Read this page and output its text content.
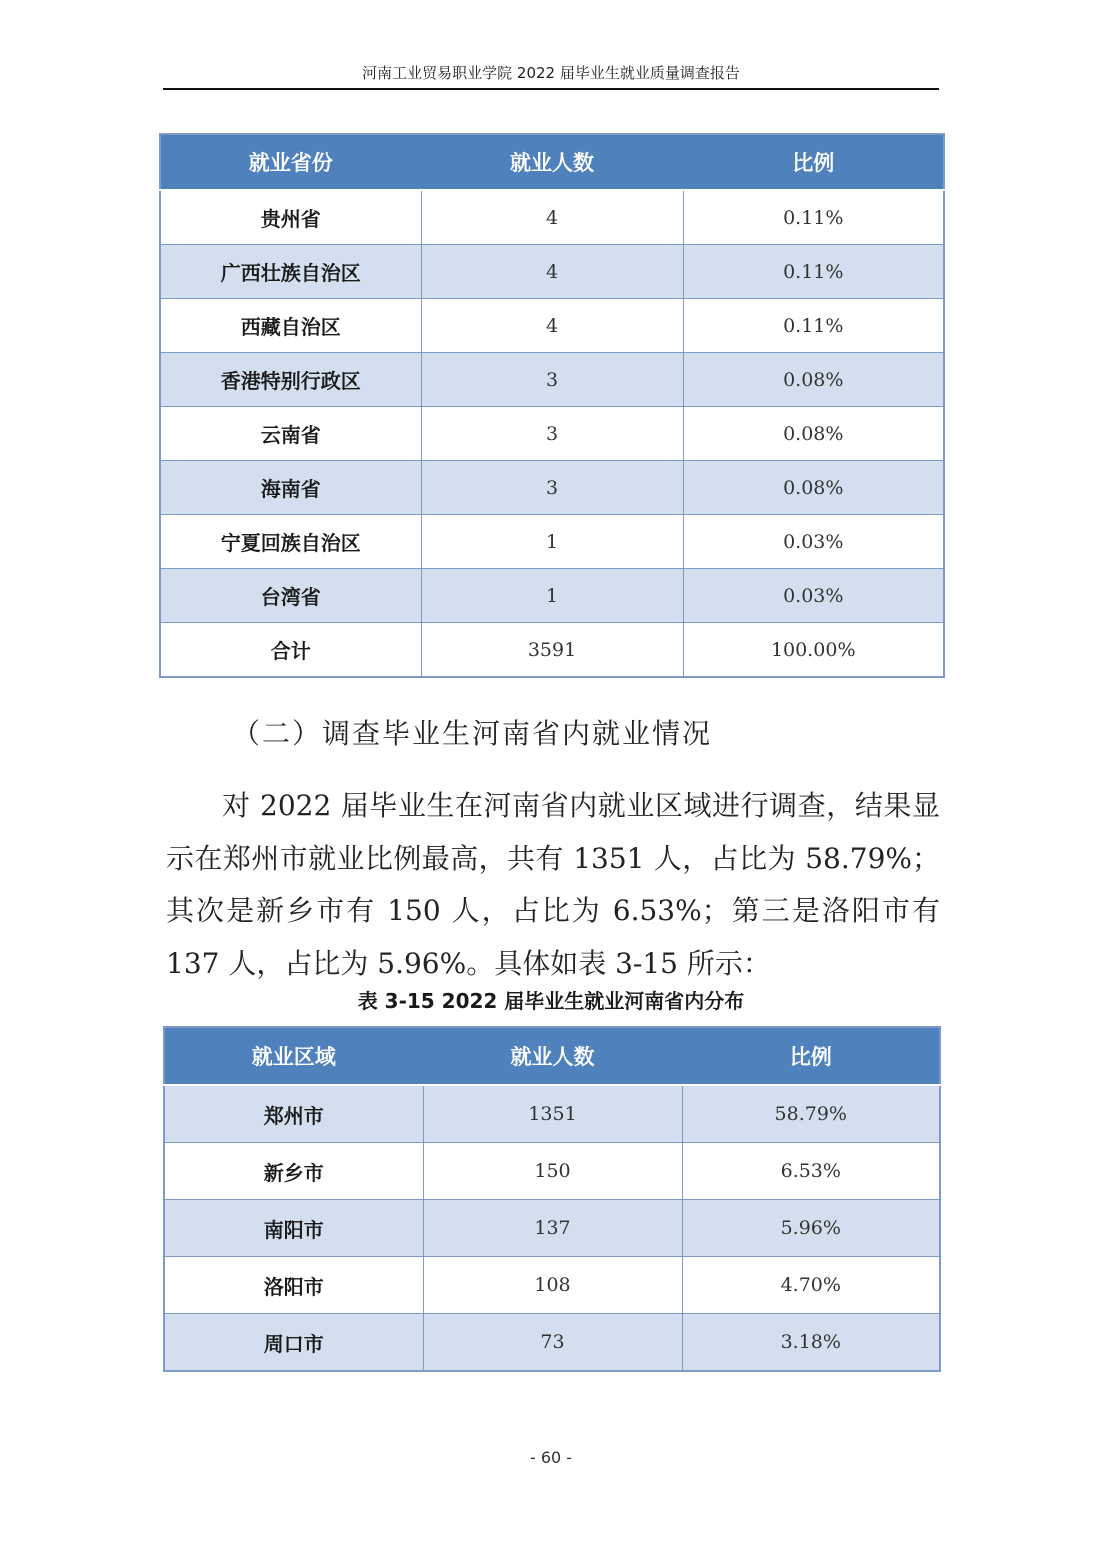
河南工业贸易职业学院 2022 届毕业生就业质量调查报告
就业省份	就业人数	比例
贵州省	4	0.11%
广西壮族自治区	4	0.11%
西藏自治区	4	0.11%
香港特别行政区	3	0.08%
云南省	3	0.08%
海南省	3	0.08%
宁夏回族自治区	1	0.03%
台湾省	1	0.03%
合计	3591	100.00%
（二）调查毕业生河南省内就业情况
对 2022 届毕业生在河南省内就业区域进行调查，结果显示在郑州市就业比例最高，共有 1351 人，占比为 58.79%；其次是新乡市有 150 人，占比为 6.53%；第三是洛阳市有 137 人，占比为 5.96%。具体如表 3-15 所示：
表 3-15 2022 届毕业生就业河南省内分布
就业区域	就业人数	比例
郑州市	1351	58.79%
新乡市	150	6.53%
南阳市	137	5.96%
洛阳市	108	4.70%
周口市	73	3.18%
- 60 -
